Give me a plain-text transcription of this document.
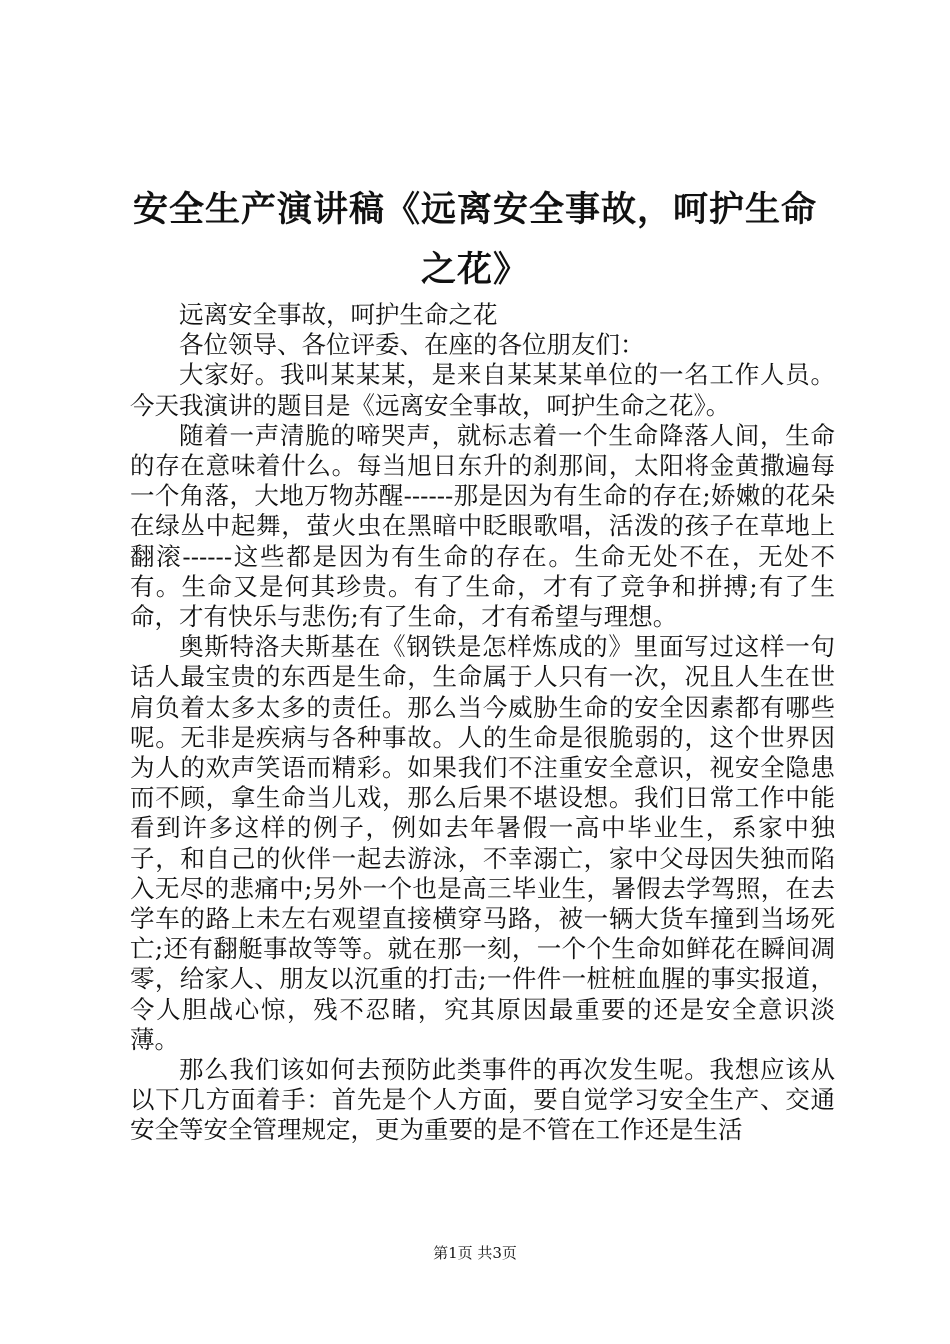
安全生产演讲稿《远离安全事故，呵护生命之花》

远离安全事故，呵护生命之花

各位领导、各位评委、在座的各位朋友们：

大家好。我叫某某某，是来自某某某单位的一名工作人员。今天我演讲的题目是《远离安全事故，呵护生命之花》。

随着一声清脆的啼哭声，就标志着一个生命降落人间，生命的存在意味着什么。每当旭日东升的刹那间，太阳将金黄撒遍每一个角落，大地万物苏醒------那是因为有生命的存在;娇嫩的花朵在绿丛中起舞，萤火虫在黑暗中眨眼歌唱，活泼的孩子在草地上翻滚------这些都是因为有生命的存在。生命无处不在，无处不有。生命又是何其珍贵。有了生命，才有了竞争和拼搏;有了生命，才有快乐与悲伤;有了生命，才有希望与理想。

奥斯特洛夫斯基在《钢铁是怎样炼成的》里面写过这样一句话人最宝贵的东西是生命，生命属于人只有一次，况且人生在世肩负着太多太多的责任。那么当今威胁生命的安全因素都有哪些呢。无非是疾病与各种事故。人的生命是很脆弱的，这个世界因为人的欢声笑语而精彩。如果我们不注重安全意识，视安全隐患而不顾，拿生命当儿戏，那么后果不堪设想。我们日常工作中能看到许多这样的例子，例如去年暑假一高中毕业生，系家中独子，和自己的伙伴一起去游泳，不幸溺亡，家中父母因失独而陷入无尽的悲痛中;另外一个也是高三毕业生，暑假去学驾照，在去学车的路上未左右观望直接横穿马路，被一辆大货车撞到当场死亡;还有翻艇事故等等。就在那一刻，一个个生命如鲜花在瞬间凋零，给家人、朋友以沉重的打击;一件件一桩桩血腥的事实报道，令人胆战心惊，残不忍睹，究其原因最重要的还是安全意识淡薄。

那么我们该如何去预防此类事件的再次发生呢。我想应该从以下几方面着手：首先是个人方面，要自觉学习安全生产、交通安全等安全管理规定，更为重要的是不管在工作还是生活

第1页 共3页
